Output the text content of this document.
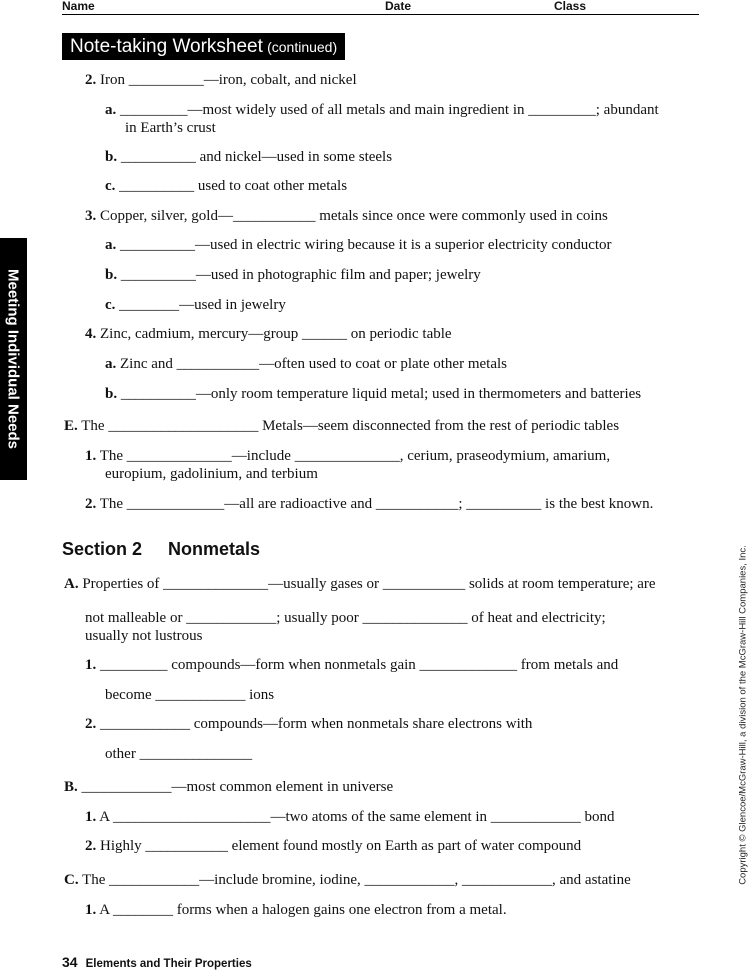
Name	Date	Class
Note-taking Worksheet (continued)
Meeting Individual Needs
Copyright © Glencoe/McGraw-Hill, a division of the McGraw-Hill Companies, Inc.
2. Iron __________—iron, cobalt, and nickel
a. _________—most widely used of all metals and main ingredient in _________; abundant
in Earth’s crust
b. __________ and nickel—used in some steels
c. __________ used to coat other metals
3. Copper, silver, gold—___________ metals since once were commonly used in coins
a. __________—used in electric wiring because it is a superior electricity conductor
b. __________—used in photographic film and paper; jewelry
c. ________—used in jewelry
4. Zinc, cadmium, mercury—group ______ on periodic table
a. Zinc and ___________—often used to coat or plate other metals
b. __________—only room temperature liquid metal; used in thermometers and batteries
E. The ____________________ Metals—seem disconnected from the rest of periodic tables
1. The ______________—include ______________, cerium, praseodymium, amarium,
europium, gadolinium, and terbium
2. The _____________—all are radioactive and ___________; __________ is the best known.
Section 2 Nonmetals
A. Properties of ______________—usually gases or ___________ solids at room temperature; are
not malleable or ____________; usually poor ______________ of heat and electricity;
usually not lustrous
1. _________ compounds—form when nonmetals gain _____________ from metals and
become ____________ ions
2. ____________ compounds—form when nonmetals share electrons with
other _______________
B. ____________—most common element in universe
1. A _____________________—two atoms of the same element in ____________ bond
2. Highly ___________ element found mostly on Earth as part of water compound
C. The ____________—include bromine, iodine, ____________, ____________, and astatine
1. A ________ forms when a halogen gains one electron from a metal.
34 Elements and Their Properties
